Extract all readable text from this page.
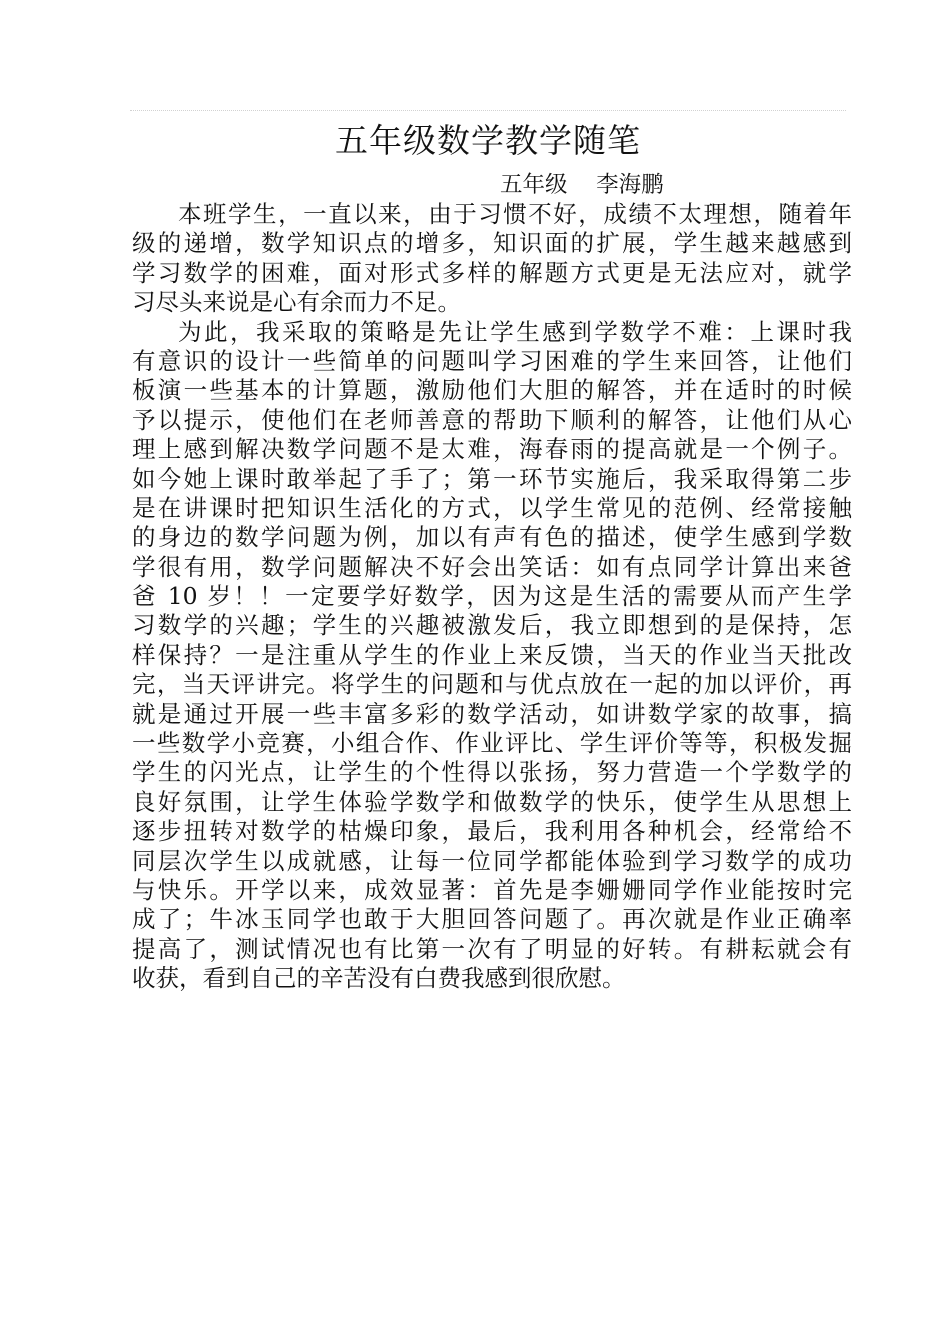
五年级数学教学随笔
五年级    李海鹏
本班学生，一直以来，由于习惯不好，成绩不太理想，随着年
级的递增，数学知识点的增多，知识面的扩展，学生越来越感到
学习数学的困难，面对形式多样的解题方式更是无法应对，就学
习尽头来说是心有余而力不足。
为此，我采取的策略是先让学生感到学数学不难：上课时我
有意识的设计一些简单的问题叫学习困难的学生来回答，让他们
板演一些基本的计算题，激励他们大胆的解答，并在适时的时候
予以提示，使他们在老师善意的帮助下顺利的解答，让他们从心
理上感到解决数学问题不是太难，海春雨的提高就是一个例子。
如今她上课时敢举起了手了；第一环节实施后，我采取得第二步
是在讲课时把知识生活化的方式，以学生常见的范例、经常接触
的身边的数学问题为例，加以有声有色的描述，使学生感到学数
学很有用，数学问题解决不好会出笑话：如有点同学计算出来爸
爸 10 岁！！一定要学好数学，因为这是生活的需要从而产生学
习数学的兴趣；学生的兴趣被激发后，我立即想到的是保持，怎
样保持？一是注重从学生的作业上来反馈，当天的作业当天批改
完，当天评讲完。将学生的问题和与优点放在一起的加以评价，再
就是通过开展一些丰富多彩的数学活动，如讲数学家的故事，搞
一些数学小竞赛，小组合作、作业评比、学生评价等等，积极发掘
学生的闪光点，让学生的个性得以张扬，努力营造一个学数学的
良好氛围，让学生体验学数学和做数学的快乐，使学生从思想上
逐步扭转对数学的枯燥印象，最后，我利用各种机会，经常给不
同层次学生以成就感，让每一位同学都能体验到学习数学的成功
与快乐。开学以来，成效显著：首先是李姗姗同学作业能按时完
成了；牛冰玉同学也敢于大胆回答问题了。再次就是作业正确率
提高了，测试情况也有比第一次有了明显的好转。有耕耘就会有
收获，看到自己的辛苦没有白费我感到很欣慰。
